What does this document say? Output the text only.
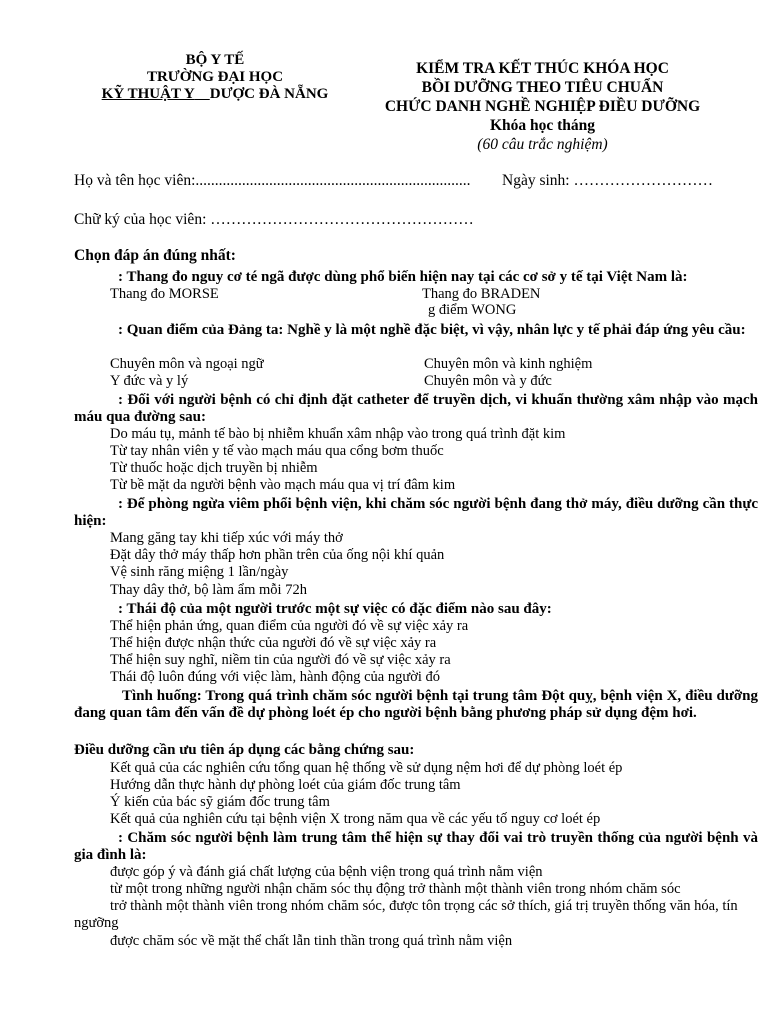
BỘ Y TẾ
TRƯỜNG ĐẠI HỌC
KỸ THUẬT Y DƯỢC ĐÀ NẴNG
KIỂM TRA KẾT THÚC KHÓA HỌC
BỒI DƯỠNG THEO TIÊU CHUẨN
CHỨC DANH NGHỀ NGHIỆP ĐIỀU DƯỠNG
Khóa học tháng
(60 câu trắc nghiệm)
Họ và tên học viên:....................................................................... Ngày sinh: ………………………
Chữ ký của học viên: ……………………………………………
Chọn đáp án đúng nhất:
: Thang đo nguy cơ té ngã được dùng phổ biến hiện nay tại các cơ sở y tế tại Việt Nam là:
Thang đo MORSE	Thang đo BRADEN
g điểm WONG
: Quan điểm của Đảng ta: Nghề y là một nghề đặc biệt, vì vậy, nhân lực y tế phải đáp ứng yêu cầu:
Chuyên môn và ngoại ngữ	Chuyên môn và kinh nghiệm
Y đức và y lý	Chuyên môn và y đức
: Đối với người bệnh có chỉ định đặt catheter để truyền dịch, vi khuẩn thường xâm nhập vào mạch máu qua đường sau:
Do máu tụ, mảnh tế bào bị nhiễm khuẩn xâm nhập vào trong quá trình đặt kim
Từ tay nhân viên y tế vào mạch máu qua cổng bơm thuốc
Từ thuốc hoặc dịch truyền bị nhiễm
Từ bề mặt da người bệnh vào mạch máu qua vị trí đâm kim
: Để phòng ngừa viêm phổi bệnh viện, khi chăm sóc người bệnh đang thở máy, điều dưỡng cần thực hiện:
Mang găng tay khi tiếp xúc với máy thở
Đặt dây thở máy thấp hơn phần trên của ống nội khí quản
Vệ sinh răng miệng 1 lần/ngày
Thay dây thở, bộ làm ẩm mỗi 72h
: Thái độ của một người trước một sự việc có đặc điểm nào sau đây:
Thể hiện phản ứng, quan điểm của người đó về sự việc xảy ra
Thể hiện được nhận thức của người đó về sự việc xảy ra
Thể hiện suy nghĩ, niềm tin của người đó về sự việc xảy ra
Thái độ luôn đúng với việc làm, hành động của người đó
Tình huống: Trong quá trình chăm sóc người bệnh tại trung tâm Đột quỵ, bệnh viện X, điều dưỡng đang quan tâm đến vấn đề dự phòng loét ép cho người bệnh bằng phương pháp sử dụng đệm hơi.
Điều dưỡng cần ưu tiên áp dụng các bằng chứng sau:
Kết quả của các nghiên cứu tổng quan hệ thống về sử dụng nệm hơi để dự phòng loét ép
Hướng dẫn thực hành dự phòng loét của giám đốc trung tâm
Ý kiến của bác sỹ giám đốc trung tâm
Kết quả của nghiên cứu tại bệnh viện X trong năm qua về các yếu tố nguy cơ loét ép
: Chăm sóc người bệnh làm trung tâm thể hiện sự thay đổi vai trò truyền thống của người bệnh và gia đình là:
được góp ý và đánh giá chất lượng của bệnh viện trong quá trình nằm viện
từ một trong những người nhận chăm sóc thụ động trở thành một thành viên trong nhóm chăm sóc
trở thành một thành viên trong nhóm chăm sóc, được tôn trọng các sở thích, giá trị truyền thống văn hóa, tín ngưỡng
được chăm sóc về mặt thể chất lẫn tinh thần trong quá trình nằm viện
